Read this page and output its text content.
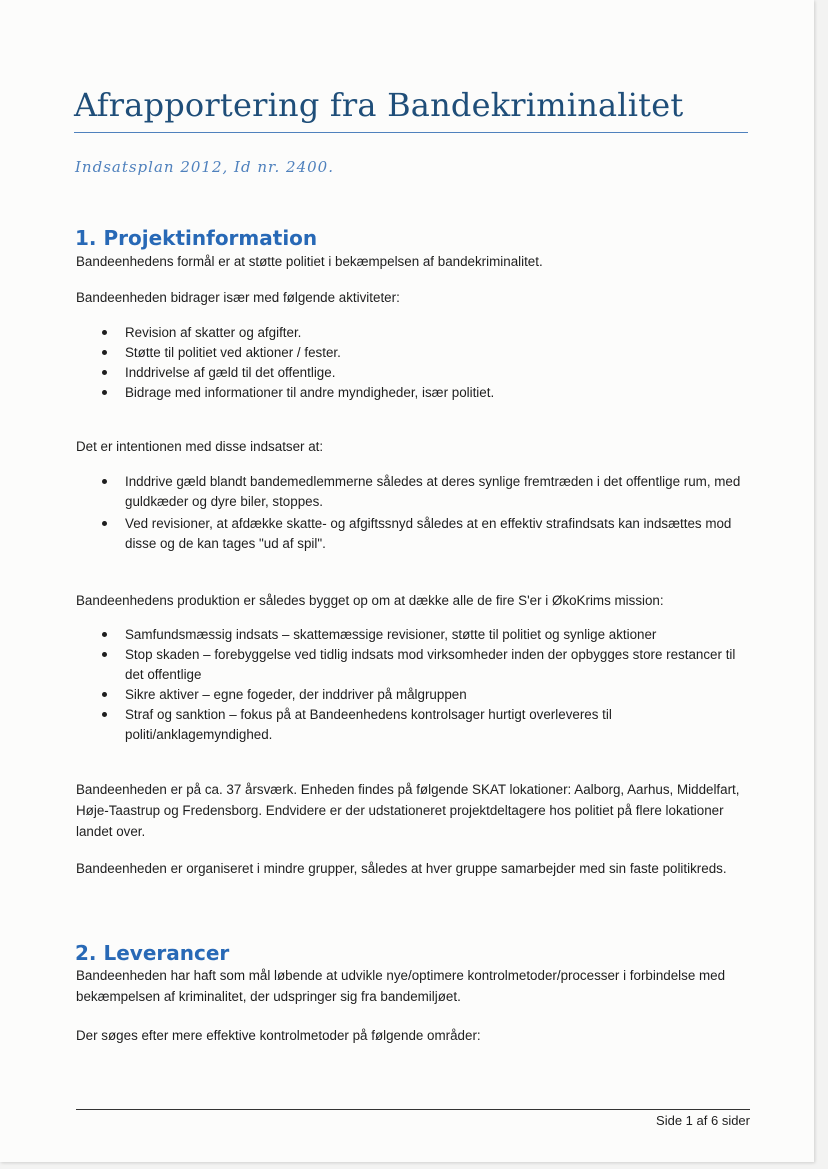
Afrapportering fra Bandekriminalitet
Indsatsplan 2012, Id nr. 2400.
1. Projektinformation

Bandeenhedens formål er at støtte politiet i bekæmpelsen af bandekriminalitet.

Bandeenheden bidrager især med følgende aktiviteter:

Revision af skatter og afgifter.
Støtte til politiet ved aktioner / fester.
Inddrivelse af gæld til det offentlige.
Bidrage med informationer til andre myndigheder, især politiet.

Det er intentionen med disse indsatser at:

Inddrive gæld blandt bandemedlemmerne således at deres synlige fremtræden i det offentlige rum, med guldkæder og dyre biler, stoppes.
Ved revisioner, at afdække skatte- og afgiftssnyd således at en effektiv strafindsats kan indsættes mod disse og de kan tages "ud af spil".

Bandeenhedens produktion er således bygget op om at dække alle de fire S'er i ØkoKrims mission:

Samfundsmæssig indsats – skattemæssige revisioner, støtte til politiet og synlige aktioner
Stop skaden – forebyggelse ved tidlig indsats mod virksomheder inden der opbygges store restancer til det offentlige
Sikre aktiver – egne fogeder, der inddriver på målgruppen
Straf og sanktion – fokus på at Bandeenhedens kontrolsager hurtigt overleveres til politi/anklagemyndighed.

Bandeenheden er på ca. 37 årsværk. Enheden findes på følgende SKAT lokationer: Aalborg, Aarhus, Middelfart, Høje-Taastrup og Fredensborg. Endvidere er der udstationeret projektdeltagere hos politiet på flere lokationer landet over.

Bandeenheden er organiseret i mindre grupper, således at hver gruppe samarbejder med sin faste politikreds.

2. Leverancer

Bandeenheden har haft som mål løbende at udvikle nye/optimere kontrolmetoder/processer i forbindelse med bekæmpelsen af kriminalitet, der udspringer sig fra bandemiljøet.

Der søges efter mere effektive kontrolmetoder på følgende områder:

Side 1 af 6 sider
